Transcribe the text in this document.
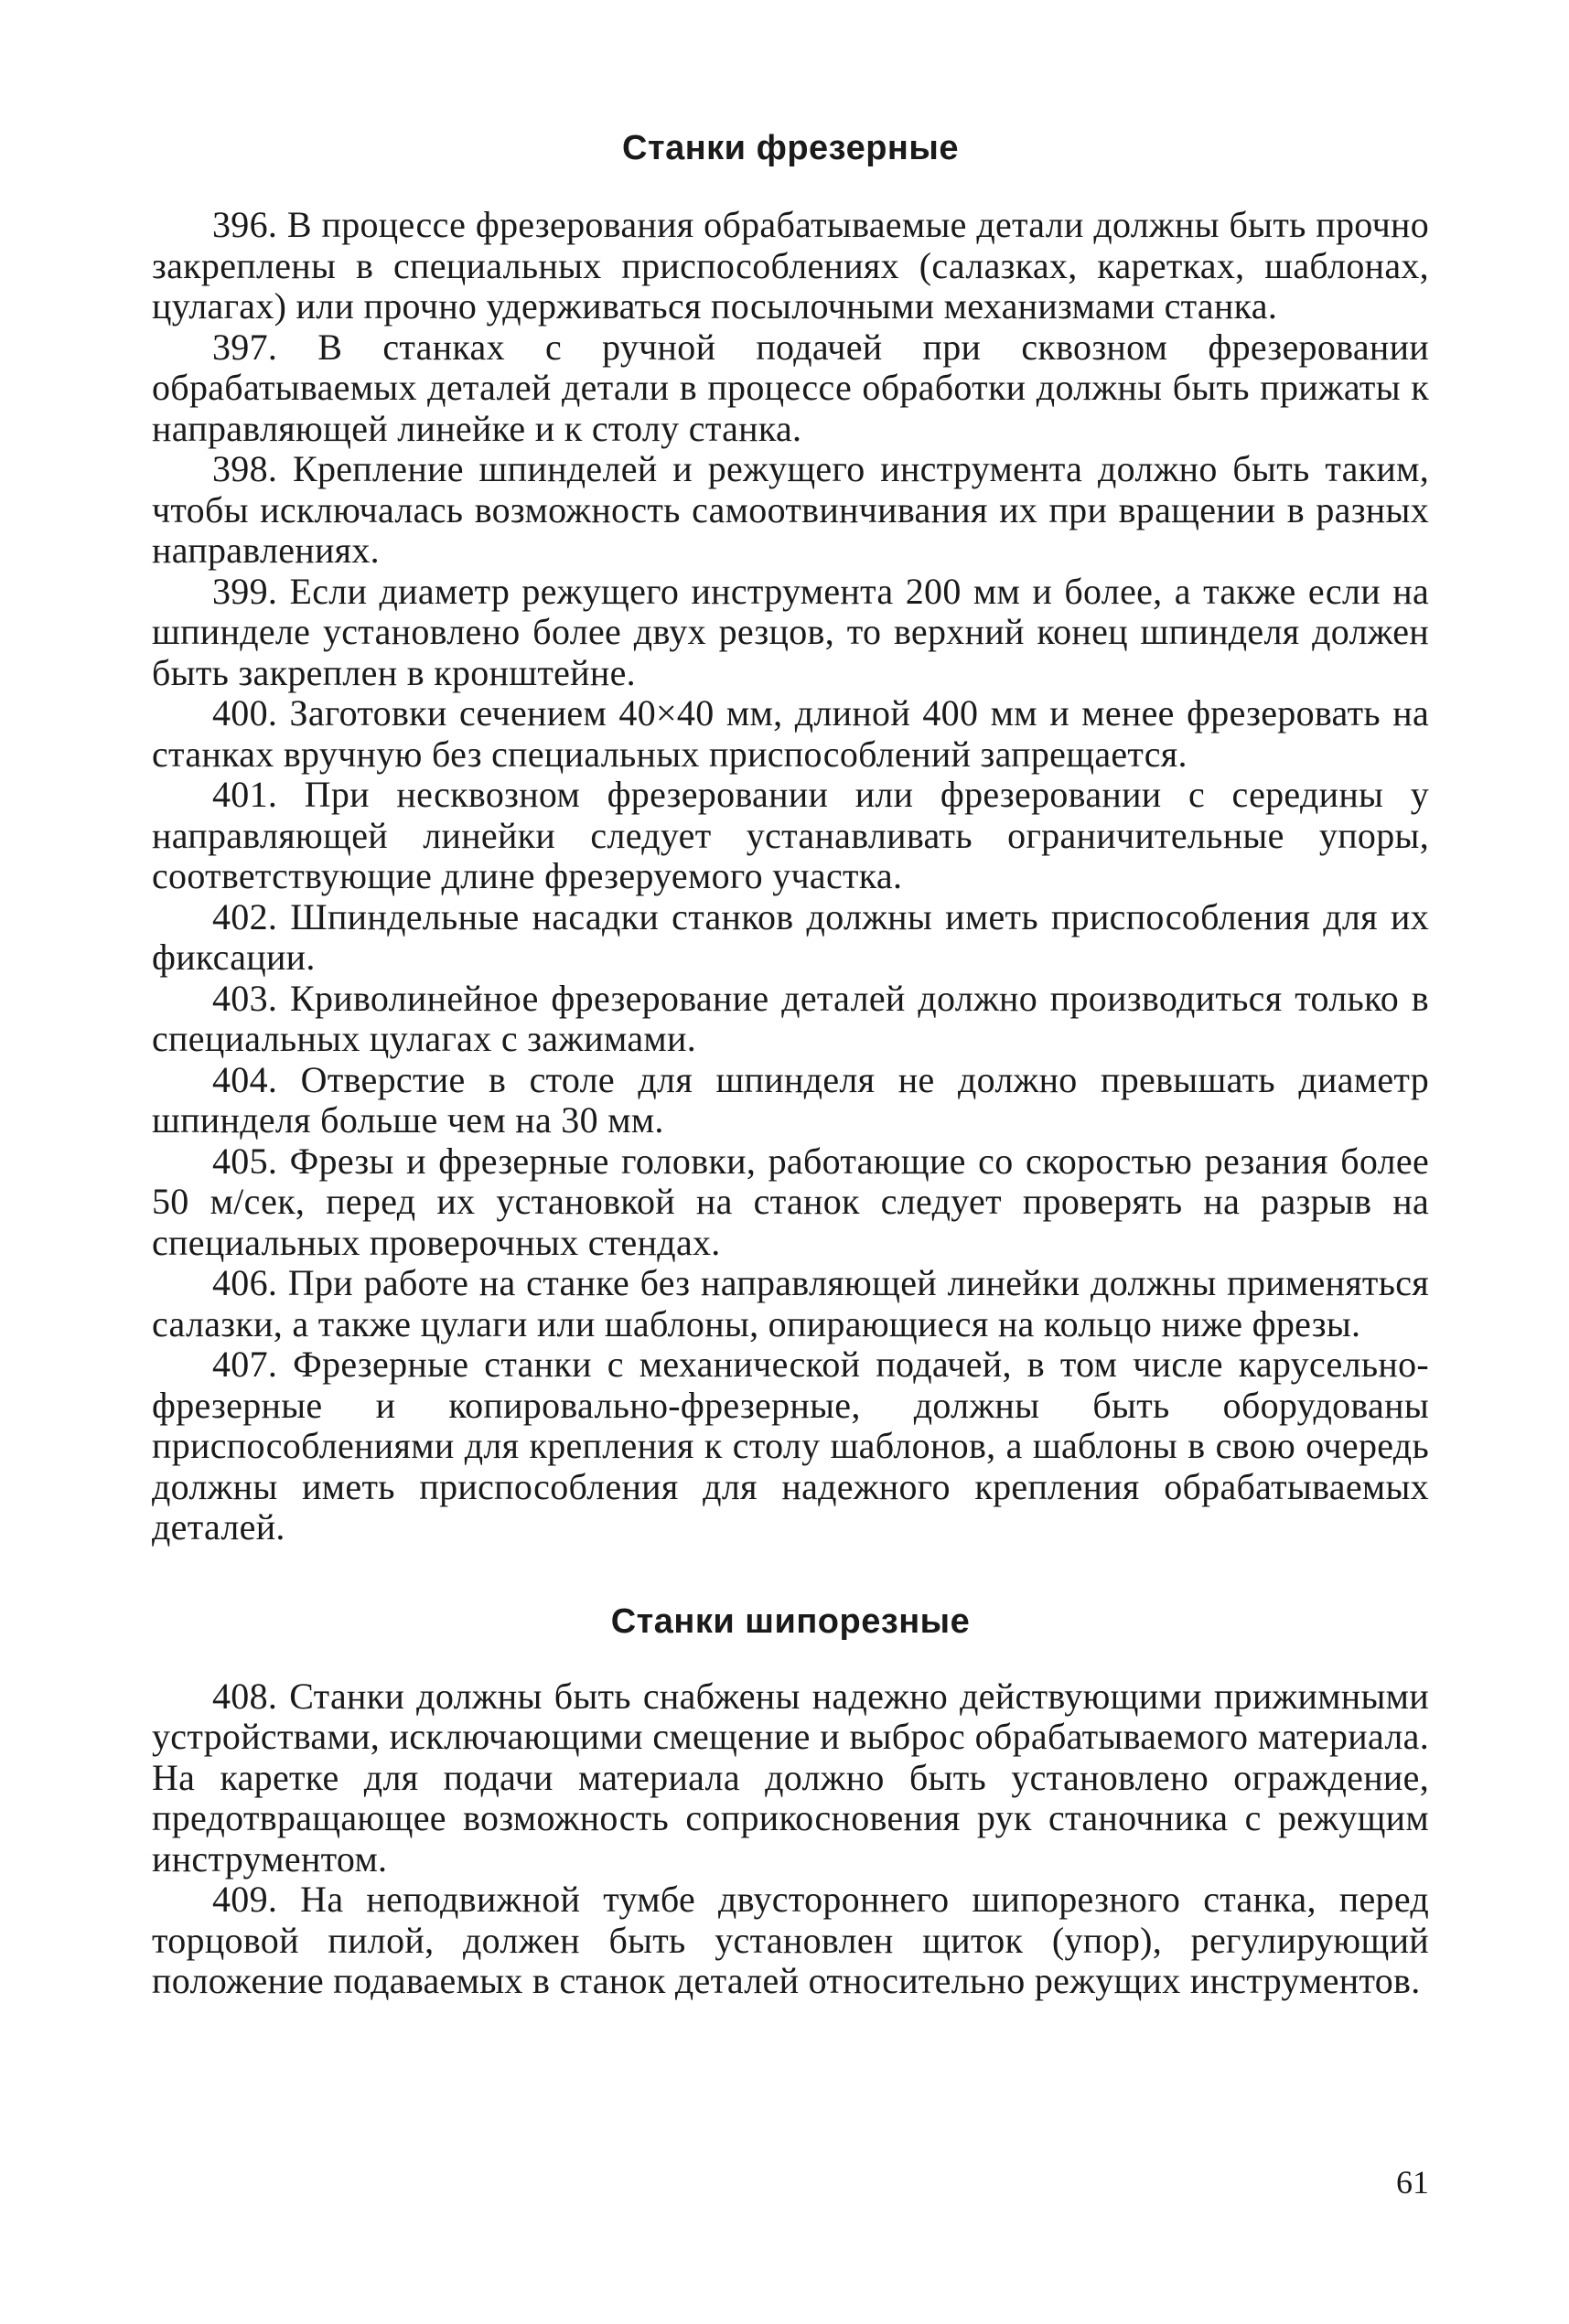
Станки фрезерные

396. В процессе фрезерования обрабатываемые детали должны быть прочно закреплены в специальных приспособлениях (салазках, каретках, шаблонах, цулагах) или прочно удерживаться посылочными механизмами станка.

397. В станках с ручной подачей при сквозном фрезеровании обрабатываемых деталей детали в процессе обработки должны быть прижаты к направляющей линейке и к столу станка.

398. Крепление шпинделей и режущего инструмента должно быть таким, чтобы исключалась возможность самоотвинчивания их при вращении в разных направлениях.

399. Если диаметр режущего инструмента 200 мм и более, а также если на шпинделе установлено более двух резцов, то верхний конец шпинделя должен быть закреплен в кронштейне.

400. Заготовки сечением 40×40 мм, длиной 400 мм и менее фрезеровать на станках вручную без специальных приспособлений запрещается.

401. При несквозном фрезеровании или фрезеровании с середины у направляющей линейки следует устанавливать ограничительные упоры, соответствующие длине фрезеруемого участка.

402. Шпиндельные насадки станков должны иметь приспособления для их фиксации.

403. Криволинейное фрезерование деталей должно производиться только в специальных цулагах с зажимами.

404. Отверстие в столе для шпинделя не должно превышать диаметр шпинделя больше чем на 30 мм.

405. Фрезы и фрезерные головки, работающие со скоростью резания более 50 м/сек, перед их установкой на станок следует проверять на разрыв на специальных проверочных стендах.

406. При работе на станке без направляющей линейки должны применяться салазки, а также цулаги или шаблоны, опирающиеся на кольцо ниже фрезы.

407. Фрезерные станки с механической подачей, в том числе карусельно-фрезерные и копировально-фрезерные, должны быть оборудованы приспособлениями для крепления к столу шаблонов, а шаблоны в свою очередь должны иметь приспособления для надежного крепления обрабатываемых деталей.

Станки шипорезные

408. Станки должны быть снабжены надежно действующими прижимными устройствами, исключающими смещение и выброс обрабатываемого материала. На каретке для подачи материала должно быть установлено ограждение, предотвращающее возможность соприкосновения рук станочника с режущим инструментом.

409. На неподвижной тумбе двустороннего шипорезного станка, перед торцовой пилой, должен быть установлен щиток (упор), регулирующий положение подаваемых в станок деталей относительно режущих инструментов.

61
